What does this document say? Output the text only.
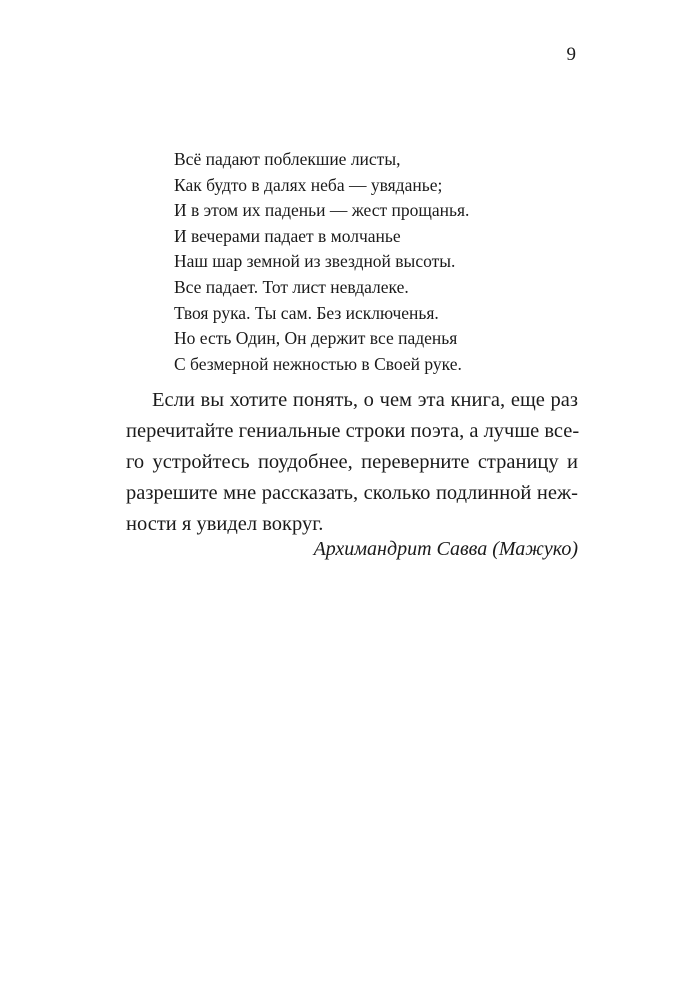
9
Всё падают поблекшие листы,
Как будто в далях неба — увяданье;
И в этом их паденьи — жест прощанья.
И вечерами падает в молчанье
Наш шар земной из звездной высоты.
Все падает. Тот лист невдалеке.
Твоя рука. Ты сам. Без исключенья.
Но есть Один, Он держит все паденья
С безмерной нежностью в Своей руке.
Если вы хотите понять, о чем эта книга, еще раз
перечитайте гениальные строки поэта, а лучше все-
го устройтесь поудобнее, переверните страницу и
разрешите мне рассказать, сколько подлинной неж-
ности я увидел вокруг.
Архимандрит Савва (Мажуко)
